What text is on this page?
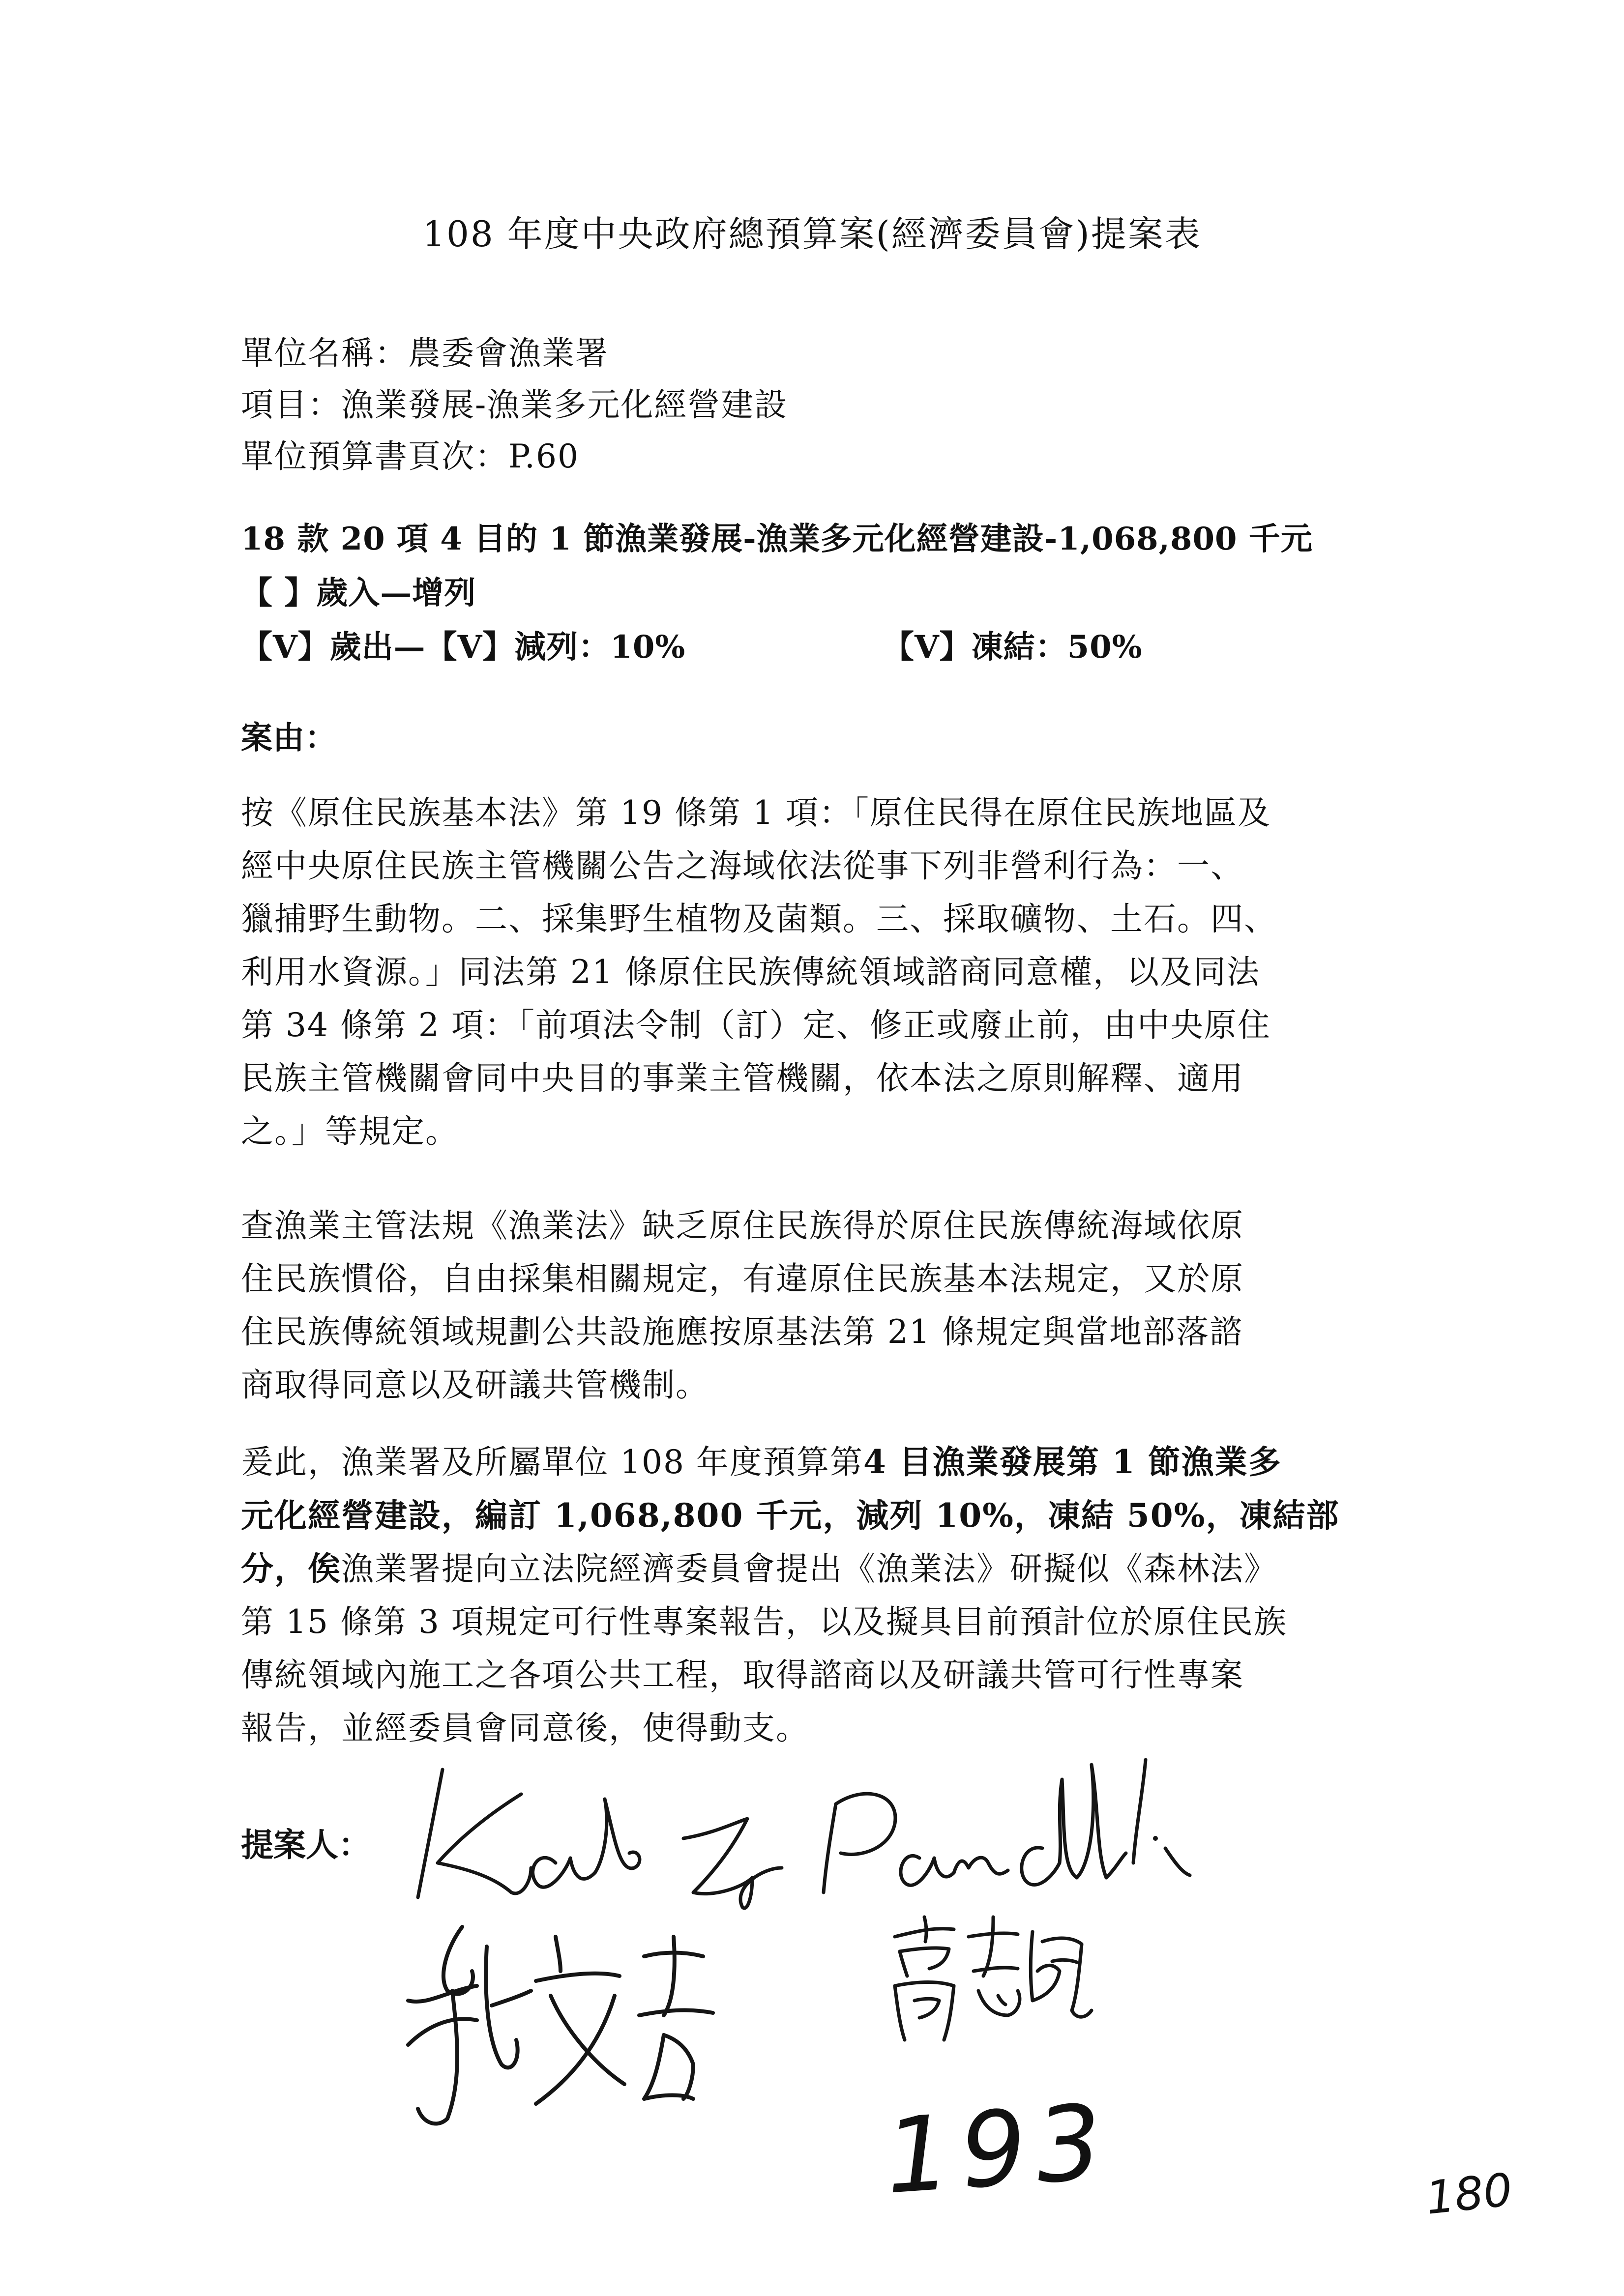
108 年度中央政府總預算案(經濟委員會)提案表
單位名稱：農委會漁業署
項目：漁業發展-漁業多元化經營建設
單位預算書頁次：P.60
18 款 20 項 4 目的 1 節漁業發展-漁業多元化經營建設-1,068,800 千元
【 】歲入—增列
【V】歲出—【V】減列：10%	【V】凍結：50%
案由：
按《原住民族基本法》第 19 條第 1 項：「原住民得在原住民族地區及
經中央原住民族主管機關公告之海域依法從事下列非營利行為：一、
獵捕野生動物。二、採集野生植物及菌類。三、採取礦物、土石。四、
利用水資源。」同法第 21 條原住民族傳統領域諮商同意權，以及同法
第 34 條第 2 項：「前項法令制（訂）定、修正或廢止前，由中央原住
民族主管機關會同中央目的事業主管機關，依本法之原則解釋、適用
之。」等規定。
查漁業主管法規《漁業法》缺乏原住民族得於原住民族傳統海域依原
住民族慣俗，自由採集相關規定，有違原住民族基本法規定，又於原
住民族傳統領域規劃公共設施應按原基法第 21 條規定與當地部落諮
商取得同意以及研議共管機制。
爰此，漁業署及所屬單位 108 年度預算第4 目漁業發展第 1 節漁業多
元化經營建設，編訂 1,068,800 千元，減列 10%，凍結 50%，凍結部
分，俟漁業署提向立法院經濟委員會提出《漁業法》研擬似《森林法》
第 15 條第 3 項規定可行性專案報告，以及擬具目前預計位於原住民族
傳統領域內施工之各項公共工程，取得諮商以及研議共管可行性專案
報告，並經委員會同意後，使得動支。
提案人：
Kawlo Iyun Pacidal
孔文吉
高志鵬
193	180
